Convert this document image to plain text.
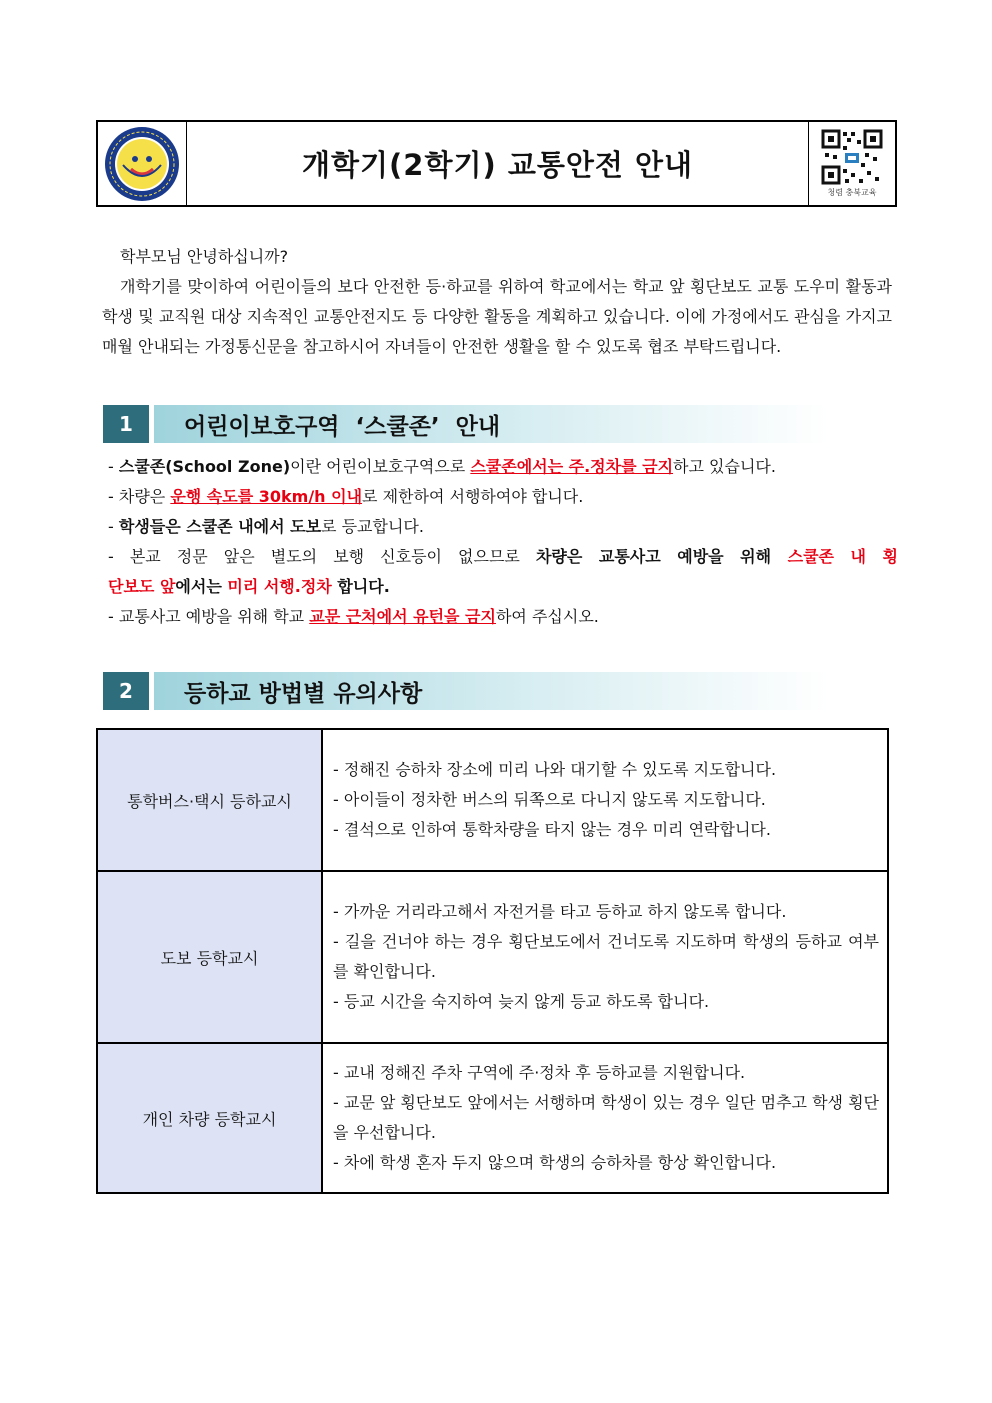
개학기(2학기) 교통안전 안내
청렴 충북교육

학부모님 안녕하십니까?

개학기를 맞이하여 어린이들의 보다 안전한 등·하교를 위하여 학교에서는 학교 앞 횡단보도 교통 도우미 활동과 학생 및 교직원 대상 지속적인 교통안전지도 등 다양한 활동을 계획하고 있습니다. 이에 가정에서도 관심을 가지고 매월 안내되는 가정통신문을 참고하시어 자녀들이 안전한 생활을 할 수 있도록 협조 부탁드립니다.

1	어린이보호구역  ‘스쿨존’  안내
- 스쿨존(School Zone)이란 어린이보호구역으로 스쿨존에서는 주.정차를 금지하고 있습니다.
- 차량은 운행 속도를 30km/h 이내로 제한하여 서행하여야 합니다.
- 학생들은 스쿨존 내에서 도보로 등교합니다.
- 본교 정문 앞은 별도의 보행 신호등이 없으므로 차량은 교통사고 예방을 위해 스쿨존 내 횡
단보도 앞에서는 미리 서행.정차 합니다.
- 교통사고 예방을 위해 학교 교문 근처에서 유턴을 금지하여 주십시오.
2	등하교 방법별 유의사항
통학버스·택시 등하교시	- 정해진 승하차 장소에 미리 나와 대기할 수 있도록 지도합니다.
- 아이들이 정차한 버스의 뒤쪽으로 다니지 않도록 지도합니다.
- 결석으로 인하여 통학차량을 타지 않는 경우 미리 연락합니다.

도보 등학교시	- 가까운 거리라고해서 자전거를 타고 등하교 하지 않도록 합니다.
- 길을 건너야 하는 경우 횡단보도에서 건너도록 지도하며 학생의 등하교 여부를 확인합니다.
- 등교 시간을 숙지하여 늦지 않게 등교 하도록 합니다.

개인 차량 등학교시	- 교내 정해진 주차 구역에 주·정차 후 등하교를 지원합니다.
- 교문 앞 횡단보도 앞에서는 서행하며 학생이 있는 경우 일단 멈추고 학생 횡단을 우선합니다.
- 차에 학생 혼자 두지 않으며 학생의 승하차를 항상 확인합니다.
